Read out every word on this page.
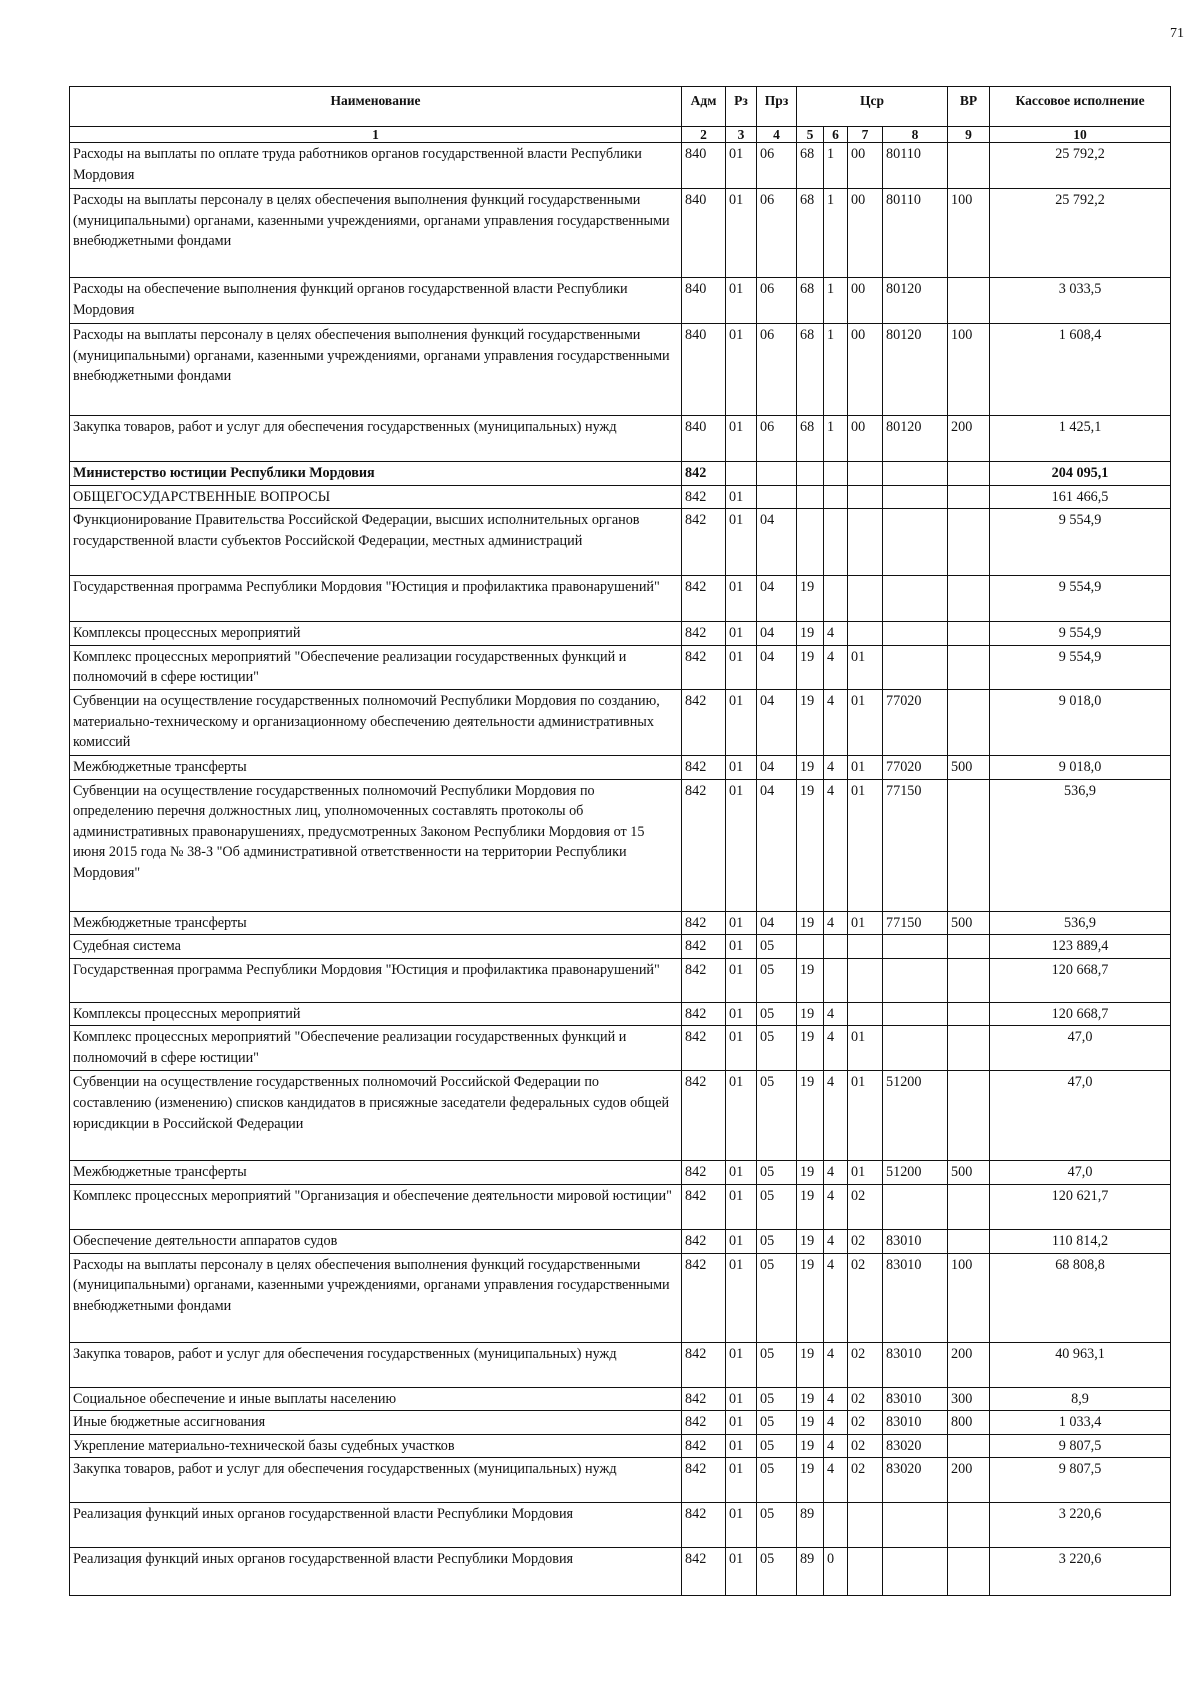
71
Наименование	Адм	Рз	Прз	Цср				ВР	Кассовое исполнение
1	2	3	4	5	6	7	8	9	10
Расходы на выплаты по оплате труда работников органов государственной власти Республики Мордовия	840	01	06	68	1	00	80110		25 792,2
Расходы на выплаты персоналу в целях обеспечения выполнения функций государственными (муниципальными) органами, казенными учреждениями, органами управления государственными внебюджетными фондами	840	01	06	68	1	00	80110	100	25 792,2
Расходы на обеспечение выполнения функций органов государственной власти Республики Мордовия	840	01	06	68	1	00	80120		3 033,5
Расходы на выплаты персоналу в целях обеспечения выполнения функций государственными (муниципальными) органами, казенными учреждениями, органами управления государственными внебюджетными фондами	840	01	06	68	1	00	80120	100	1 608,4
Закупка товаров, работ и услуг для обеспечения государственных (муниципальных) нужд	840	01	06	68	1	00	80120	200	1 425,1
Министерство юстиции Республики Мордовия	842								204 095,1
ОБЩЕГОСУДАРСТВЕННЫЕ ВОПРОСЫ	842	01							161 466,5
Функционирование Правительства Российской Федерации, высших исполнительных органов государственной власти субъектов Российской Федерации, местных администраций	842	01	04						9 554,9
Государственная программа Республики Мордовия "Юстиция и профилактика правонарушений"	842	01	04	19					9 554,9
Комплексы процессных мероприятий	842	01	04	19	4				9 554,9
Комплекс процессных мероприятий "Обеспечение реализации государственных функций и полномочий в сфере юстиции"	842	01	04	19	4	01			9 554,9
Субвенции на осуществление государственных полномочий Республики Мордовия по созданию, материально-техническому и организационному обеспечению деятельности административных комиссий	842	01	04	19	4	01	77020		9 018,0
Межбюджетные трансферты	842	01	04	19	4	01	77020	500	9 018,0
Субвенции на осуществление государственных полномочий Республики Мордовия по определению перечня должностных лиц, уполномоченных составлять протоколы об административных правонарушениях, предусмотренных Законом Республики Мордовия от 15 июня 2015 года № 38-З "Об административной ответственности на территории Республики Мордовия"	842	01	04	19	4	01	77150		536,9
Межбюджетные трансферты	842	01	04	19	4	01	77150	500	536,9
Судебная система	842	01	05						123 889,4
Государственная программа Республики Мордовия "Юстиция и профилактика правонарушений"	842	01	05	19					120 668,7
Комплексы процессных мероприятий	842	01	05	19	4				120 668,7
Комплекс процессных мероприятий "Обеспечение реализации государственных функций и полномочий в сфере юстиции"	842	01	05	19	4	01			47,0
Субвенции на осуществление государственных полномочий Российской Федерации по составлению (изменению) списков кандидатов в присяжные заседатели федеральных судов общей юрисдикции в Российской Федерации	842	01	05	19	4	01	51200		47,0
Межбюджетные трансферты	842	01	05	19	4	01	51200	500	47,0
Комплекс процессных мероприятий "Организация и обеспечение деятельности мировой юстиции"	842	01	05	19	4	02			120 621,7
Обеспечение деятельности аппаратов судов	842	01	05	19	4	02	83010		110 814,2
Расходы на выплаты персоналу в целях обеспечения выполнения функций государственными (муниципальными) органами, казенными учреждениями, органами управления государственными внебюджетными фондами	842	01	05	19	4	02	83010	100	68 808,8
Закупка товаров, работ и услуг для обеспечения государственных (муниципальных) нужд	842	01	05	19	4	02	83010	200	40 963,1
Социальное обеспечение и иные выплаты населению	842	01	05	19	4	02	83010	300	8,9
Иные бюджетные ассигнования	842	01	05	19	4	02	83010	800	1 033,4
Укрепление материально-технической базы судебных участков	842	01	05	19	4	02	83020		9 807,5
Закупка товаров, работ и услуг для обеспечения государственных (муниципальных) нужд	842	01	05	19	4	02	83020	200	9 807,5
Реализация функций иных органов государственной власти Республики Мордовия	842	01	05	89					3 220,6
Реализация функций иных органов государственной власти Республики Мордовия	842	01	05	89	0				3 220,6
